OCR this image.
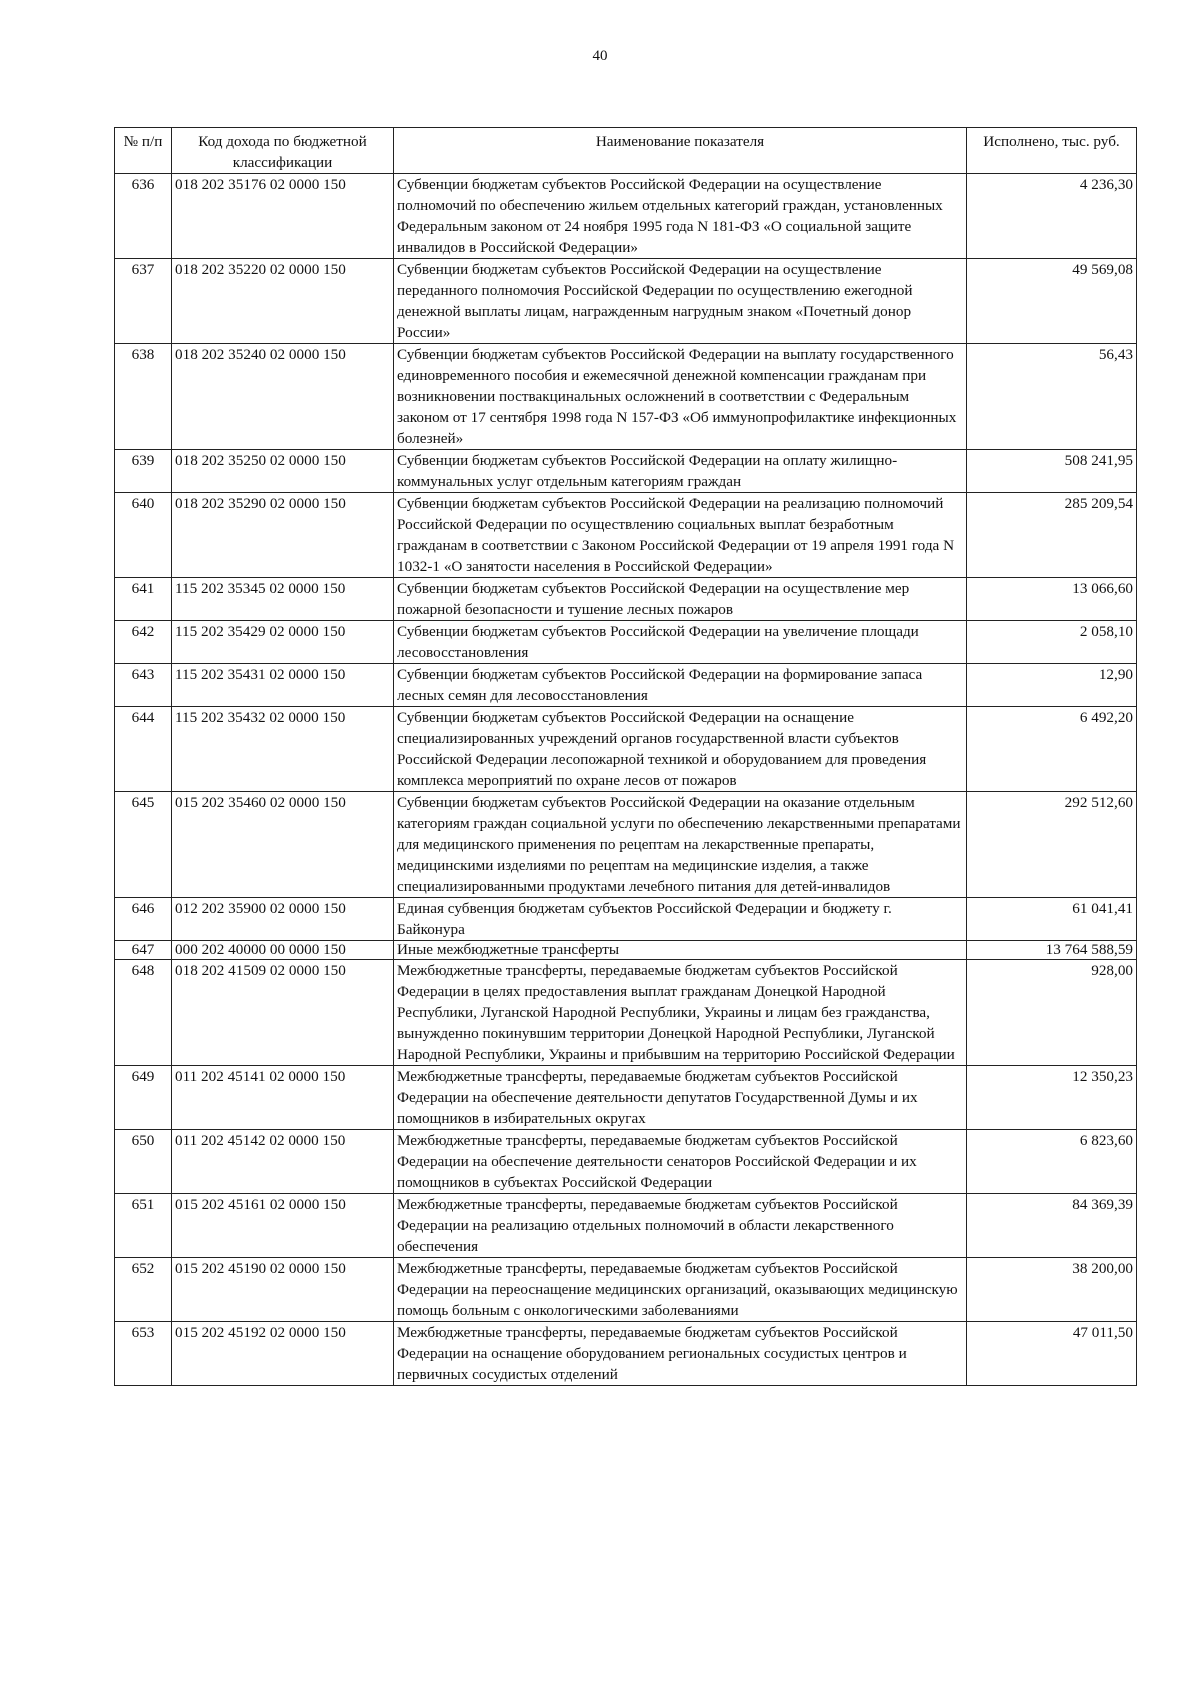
40
№ п/п	Код дохода по бюджетной классификации	Наименование показателя	Исполнено, тыс. руб.
636	018 202 35176 02 0000 150	Субвенции бюджетам субъектов Российской Федерации на осуществление полномочий по обеспечению жильем отдельных категорий граждан, установленных Федеральным законом от 24 ноября 1995 года N 181-ФЗ «О социальной защите инвалидов в Российской Федерации»	4 236,30
637	018 202 35220 02 0000 150	Субвенции бюджетам субъектов Российской Федерации на осуществление переданного полномочия Российской Федерации по осуществлению ежегодной денежной выплаты лицам, награжденным нагрудным знаком «Почетный донор России»	49 569,08
638	018 202 35240 02 0000 150	Субвенции бюджетам субъектов Российской Федерации на выплату государственного единовременного пособия и ежемесячной денежной компенсации гражданам при возникновении поствакцинальных осложнений в соответствии с Федеральным законом от 17 сентября 1998 года N 157-ФЗ «Об иммунопрофилактике инфекционных болезней»	56,43
639	018 202 35250 02 0000 150	Субвенции бюджетам субъектов Российской Федерации на оплату жилищно-коммунальных услуг отдельным категориям граждан	508 241,95
640	018 202 35290 02 0000 150	Субвенции бюджетам субъектов Российской Федерации на реализацию полномочий Российской Федерации по осуществлению социальных выплат безработным гражданам в соответствии с Законом Российской Федерации от 19 апреля 1991 года N 1032-1 «О занятости населения в Российской Федерации»	285 209,54
641	115 202 35345 02 0000 150	Субвенции бюджетам субъектов Российской Федерации на осуществление мер пожарной безопасности и тушение лесных пожаров	13 066,60
642	115 202 35429 02 0000 150	Субвенции бюджетам субъектов Российской Федерации на увеличение площади лесовосстановления	2 058,10
643	115 202 35431 02 0000 150	Субвенции бюджетам субъектов Российской Федерации на формирование запаса лесных семян для лесовосстановления	12,90
644	115 202 35432 02 0000 150	Субвенции бюджетам субъектов Российской Федерации на оснащение специализированных учреждений органов государственной власти субъектов Российской Федерации лесопожарной техникой и оборудованием для проведения комплекса мероприятий по охране лесов от пожаров	6 492,20
645	015 202 35460 02 0000 150	Субвенции бюджетам субъектов Российской Федерации на оказание отдельным категориям граждан социальной услуги по обеспечению лекарственными препаратами для медицинского применения по рецептам на лекарственные препараты, медицинскими изделиями по рецептам на медицинские изделия, а также специализированными продуктами лечебного питания для детей-инвалидов	292 512,60
646	012 202 35900 02 0000 150	Единая субвенция бюджетам субъектов Российской Федерации и бюджету г. Байконура	61 041,41
647	000 202 40000 00 0000 150	Иные межбюджетные трансферты	13 764 588,59
648	018 202 41509 02 0000 150	Межбюджетные трансферты, передаваемые бюджетам субъектов Российской Федерации в целях предоставления выплат гражданам Донецкой Народной Республики, Луганской Народной Республики, Украины и лицам без гражданства, вынужденно покинувшим территории Донецкой Народной Республики, Луганской Народной Республики, Украины и прибывшим на территорию Российской Федерации	928,00
649	011 202 45141 02 0000 150	Межбюджетные трансферты, передаваемые бюджетам субъектов Российской Федерации на обеспечение деятельности депутатов Государственной Думы и их помощников в избирательных округах	12 350,23
650	011 202 45142 02 0000 150	Межбюджетные трансферты, передаваемые бюджетам субъектов Российской Федерации на обеспечение деятельности сенаторов Российской Федерации и их помощников в субъектах Российской Федерации	6 823,60
651	015 202 45161 02 0000 150	Межбюджетные трансферты, передаваемые бюджетам субъектов Российской Федерации на реализацию отдельных полномочий в области лекарственного обеспечения	84 369,39
652	015 202 45190 02 0000 150	Межбюджетные трансферты, передаваемые бюджетам субъектов Российской Федерации на переоснащение медицинских организаций, оказывающих медицинскую помощь больным с онкологическими заболеваниями	38 200,00
653	015 202 45192 02 0000 150	Межбюджетные трансферты, передаваемые бюджетам субъектов Российской Федерации на оснащение оборудованием региональных сосудистых центров и первичных сосудистых отделений	47 011,50
